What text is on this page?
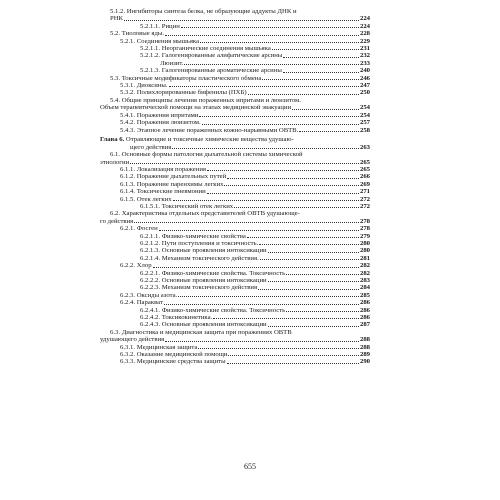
5.1.2. Ингибиторы синтеза белка, не образующие аддукты ДНК и
РНК	224
5.2.1.1. Рицин	224
5.2. Тиоловые яды.	228
5.2.1. Соединения мышьяка	229
5.2.1.1. Неорганические соединения мышьяка	231
5.2.1.2. Галогенированные алифатические арсины	232
Люизит.	233
5.2.1.3. Галогенированные ароматические арсины	240
5.3. Токсичные модификаторы пластического обмена	246
5.3.1. Диоксины.	247
5.3.2. Полихлорированные бифенилы (ПХБ)	250
5.4. Общие принципы лечения пораженных ипритами и люизитом.
Объем терапевтической помощи на этапах медицинской эвакуации	254
5.4.1. Поражения ипритами	254
5.4.2. Поражения люизитом.	257
5.4.3. Этапное лечение пораженных кожно-нарывными ОВТВ.	258
Глава 6. Отравляющие и токсичные химические вещества удушаю-
щего действия	263
6.1. Основные формы патологии дыхательной системы химической
этиологии	265
6.1.1. Локализация поражения	265
6.1.2. Поражение дыхательных путей	266
6.1.3. Поражение паренхимы легких	269
6.1.4. Токсические пневмонии	271
6.1.5. Отек легких	272
6.1.5.1. Токсический отек легких	272
6.2. Характеристика отдельных представителей ОВТВ удушающе-
го действия	278
6.2.1. Фосген	278
6.2.1.1. Физико-химические свойства	279
6.2.1.2. Пути поступления и токсичность.	280
6.2.1.3. Основные проявления интоксикации	280
6.2.1.4. Механизм токсического действия.	281
6.2.2. Хлор	282
6.2.2.1. Физико-химические свойства. Токсичность	282
6.2.2.2. Основные проявления интоксикации	283
6.2.2.3. Механизм токсического действия	284
6.2.3. Оксиды азота.	285
6.2.4. Паракват	286
6.2.4.1. Физико-химические свойства. Токсичность	286
6.2.4.2. Токсикокинетика.	286
6.2.4.3. Основные проявления интоксикации	287
6.3. Диагностика и медицинская защита при поражениях ОВТВ
удушающего действия	288
6.3.1. Медицинская защита	288
6.3.2. Оказание медицинской помощи	289
6.3.3. Медицинские средства защиты	290
655
